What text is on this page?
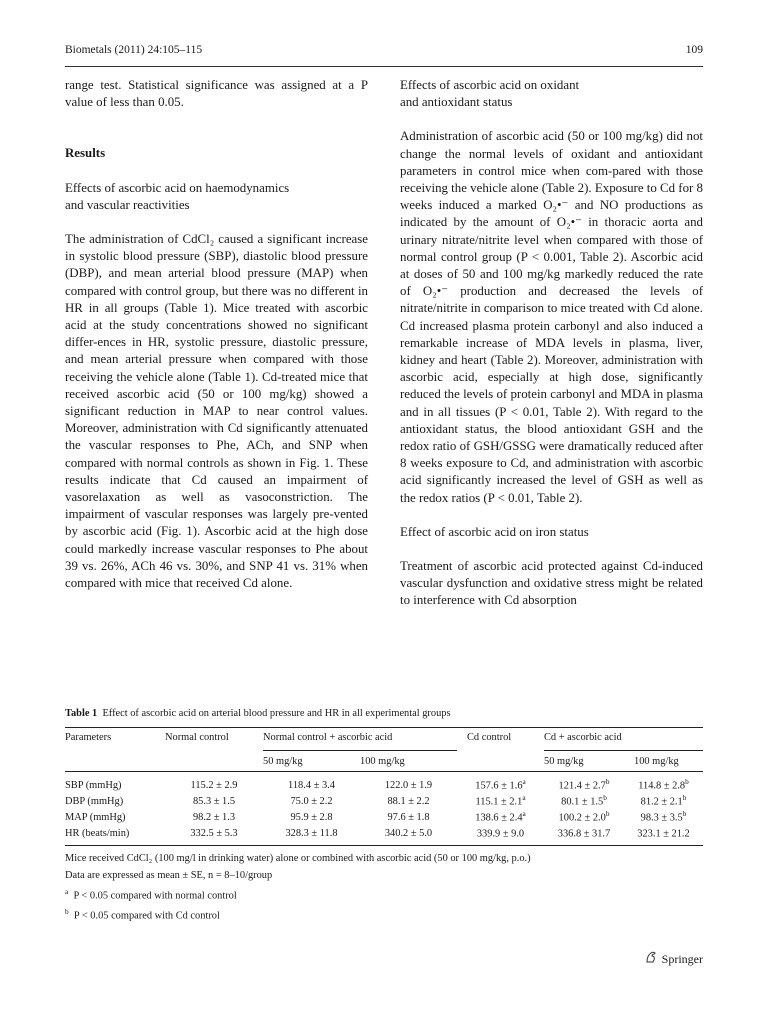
Biometals (2011) 24:105–115	109

range test. Statistical significance was assigned at a P value of less than 0.05.

Results

Effects of ascorbic acid on haemodynamics
and vascular reactivities

The administration of CdCl₂ caused a significant increase in systolic blood pressure (SBP), diastolic blood pressure (DBP), and mean arterial blood pressure (MAP) when compared with control group, but there was no different in HR in all groups (Table 1). Mice treated with ascorbic acid at the study concentrations showed no significant differ-ences in HR, systolic pressure, diastolic pressure, and mean arterial pressure when compared with those receiving the vehicle alone (Table 1). Cd-treated mice that received ascorbic acid (50 or 100 mg/kg) showed a significant reduction in MAP to near control values. Moreover, administration with Cd significantly attenuated the vascular responses to Phe, ACh, and SNP when compared with normal controls as shown in Fig. 1. These results indicate that Cd caused an impairment of vasorelaxation as well as vasoconstriction. The impairment of vascular responses was largely pre-vented by ascorbic acid (Fig. 1). Ascorbic acid at the high dose could markedly increase vascular responses to Phe about 39 vs. 26%, ACh 46 vs. 30%, and SNP 41 vs. 31% when compared with mice that received Cd alone.

Effects of ascorbic acid on oxidant
and antioxidant status

Administration of ascorbic acid (50 or 100 mg/kg) did not change the normal levels of oxidant and antioxidant parameters in control mice when com-pared with those receiving the vehicle alone (Table 2). Exposure to Cd for 8 weeks induced a marked O₂•⁻ and NO productions as indicated by the amount of O₂•⁻ in thoracic aorta and urinary nitrate/nitrite level when compared with those of normal control group (P < 0.001, Table 2). Ascorbic acid at doses of 50 and 100 mg/kg markedly reduced the rate of O₂•⁻ production and decreased the levels of nitrate/nitrite in comparison to mice treated with Cd alone. Cd increased plasma protein carbonyl and also induced a remarkable increase of MDA levels in plasma, liver, kidney and heart (Table 2). Moreover, administration with ascorbic acid, especially at high dose, significantly reduced the levels of protein carbonyl and MDA in plasma and in all tissues (P < 0.01, Table 2). With regard to the antioxidant status, the blood antioxidant GSH and the redox ratio of GSH/GSSG were dramatically reduced after 8 weeks exposure to Cd, and administration with ascorbic acid significantly increased the level of GSH as well as the redox ratios (P < 0.01, Table 2).

Effect of ascorbic acid on iron status

Treatment of ascorbic acid protected against Cd-induced vascular dysfunction and oxidative stress might be related to interference with Cd absorption

Table 1 Effect of ascorbic acid on arterial blood pressure and HR in all experimental groups
Parameters	Normal control	Normal control + ascorbic acid		Cd control	Cd + ascorbic acid	
		50 mg/kg	100 mg/kg		50 mg/kg	100 mg/kg
SBP (mmHg)	115.2 ± 2.9	118.4 ± 3.4	122.0 ± 1.9	157.6 ± 1.6$^a$	121.4 ± 2.7$^b$	114.8 ± 2.8$^b$
DBP (mmHg)	85.3 ± 1.5	75.0 ± 2.2	88.1 ± 2.2	115.1 ± 2.1$^a$	80.1 ± 1.5$^b$	81.2 ± 2.1$^b$
MAP (mmHg)	98.2 ± 1.3	95.9 ± 2.8	97.6 ± 1.8	138.6 ± 2.4$^a$	100.2 ± 2.0$^b$	98.3 ± 3.5$^b$
HR (beats/min)	332.5 ± 5.3	328.3 ± 11.8	340.2 ± 5.0	339.9 ± 9.0	336.8 ± 31.7	323.1 ± 21.2
Mice received CdCl₂ (100 mg/l in drinking water) alone or combined with ascorbic acid (50 or 100 mg/kg, p.o.)
Data are expressed as mean ± SE, n = 8–10/group
$^a$ P < 0.05 compared with normal control
$^b$ P < 0.05 compared with Cd control
Springer
